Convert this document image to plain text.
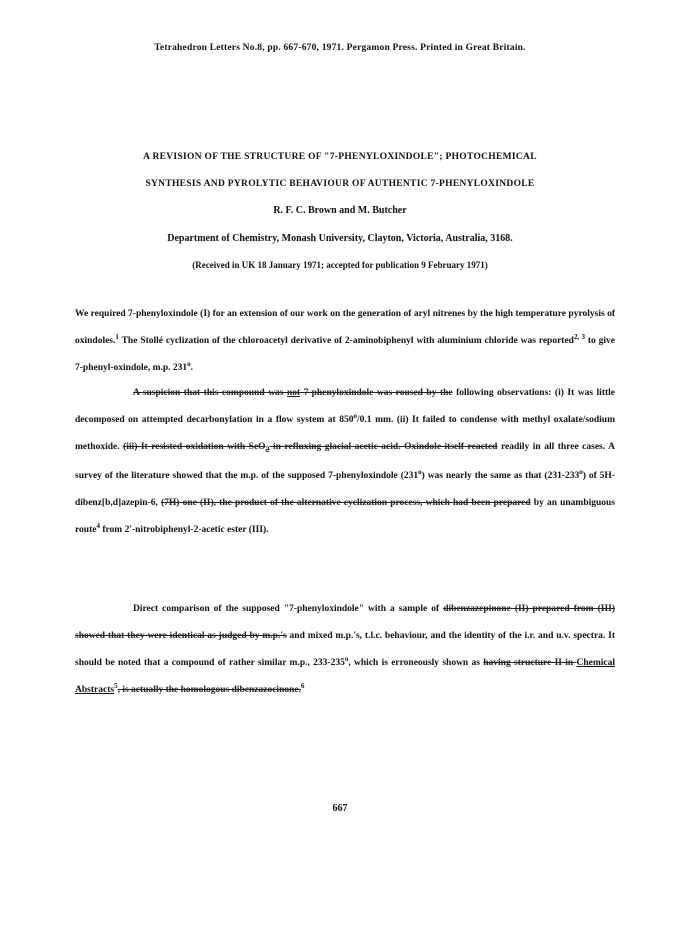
Tetrahedron Letters No.8, pp. 667-670, 1971. Pergamon Press. Printed in Great Britain.
A REVISION OF THE STRUCTURE OF "7-PHENYLOXINDOLE"; PHOTOCHEMICAL
SYNTHESIS AND PYROLYTIC BEHAVIOUR OF AUTHENTIC 7-PHENYLOXINDOLE
R. F. C. Brown and M. Butcher
Department of Chemistry, Monash University, Clayton, Victoria, Australia, 3168.
(Received in UK 18 January 1971; accepted for publication 9 February 1971)

We required 7-phenyloxindole (I) for an extension of our work on the generation of aryl nitrenes by the high temperature pyrolysis of oxindoles.$^1$ The Stollé cyclization of the chloroacetyl derivative of 2-aminobiphenyl with aluminium chloride was reported$^{2, 3}$ to give 7-phenyl-oxindole, m.p. 231$^o$.

A suspicion that this compound was not 7-phenyloxindole was roused by the following observations: (i) It was little decomposed on attempted decarbonylation in a flow system at 850$^o$/0.1 mm. (ii) It failed to condense with methyl oxalate/sodium methoxide. (iii) It resisted oxidation with SeO$_2$ in refluxing glacial acetic acid. Oxindole itself reacted readily in all three cases. A survey of the literature showed that the m.p. of the supposed 7-phenyloxindole (231$^o$) was nearly the same as that (231-233$^o$) of 5H-dibenz[b,d]azepin-6, (7H) one (II), the product of the alternative cyclization process, which had been prepared by an unambiguous route$^4$ from 2'-nitrobiphenyl-2-acetic ester (III).

Direct comparison of the supposed "7-phenyloxindole" with a sample of dibenzazepinone (II) prepared from (III) showed that they were identical as judged by m.p.'s and mixed m.p.'s, t.l.c. behaviour, and the identity of the i.r. and u.v. spectra. It should be noted that a compound of rather similar m.p., 233-235$^o$, which is erroneously shown as having structure II in Chemical Abstracts$^5$, is actually the homologous dibenzazocinone.$^6$

667
